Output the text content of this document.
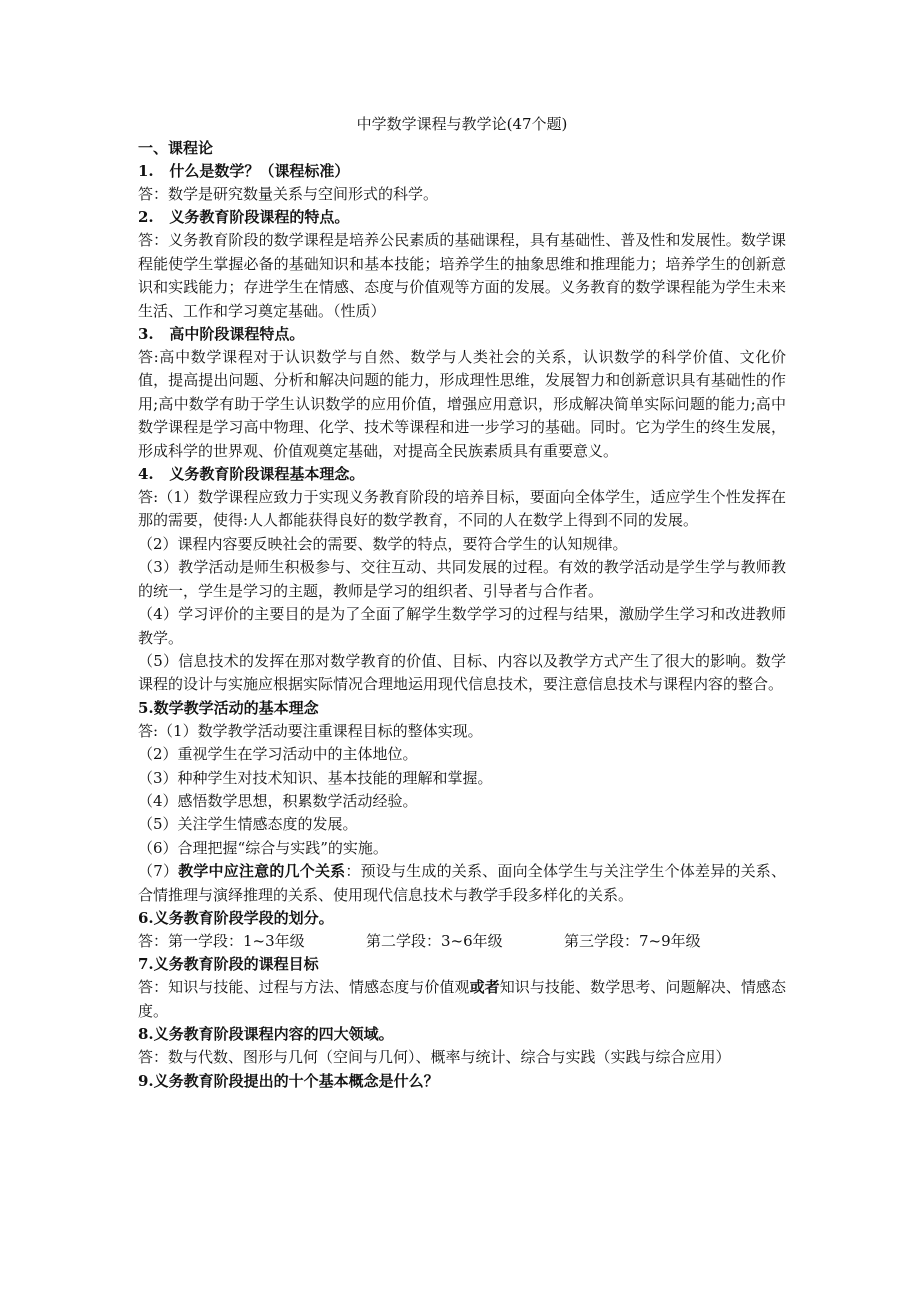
中学数学课程与教学论(47个题)
一、课程论
1.   什么是数学？（课程标准）
答：数学是研究数量关系与空间形式的科学。
2.   义务教育阶段课程的特点。
答：义务教育阶段的数学课程是培养公民素质的基础课程，具有基础性、普及性和发展性。数学课程能使学生掌握必备的基础知识和基本技能；培养学生的抽象思维和推理能力；培养学生的创新意识和实践能力；存进学生在情感、态度与价值观等方面的发展。义务教育的数学课程能为学生未来生活、工作和学习奠定基础。（性质）
3.   高中阶段课程特点。
答:高中数学课程对于认识数学与自然、数学与人类社会的关系，认识数学的科学价值、文化价值，提高提出问题、分析和解决问题的能力，形成理性思维，发展智力和创新意识具有基础性的作用;高中数学有助于学生认识数学的应用价值，增强应用意识，形成解决简单实际问题的能力;高中数学课程是学习高中物理、化学、技术等课程和进一步学习的基础。同时。它为学生的终生发展，形成科学的世界观、价值观奠定基础，对提高全民族素质具有重要意义。
4.   义务教育阶段课程基本理念。
答:（1）数学课程应致力于实现义务教育阶段的培养目标，要面向全体学生，适应学生个性发挥在那的需要，使得:人人都能获得良好的数学教育，不同的人在数学上得到不同的发展。
（2）课程内容要反映社会的需要、数学的特点，要符合学生的认知规律。
（3）教学活动是师生积极参与、交往互动、共同发展的过程。有效的教学活动是学生学与教师教的统一，学生是学习的主题，教师是学习的组织者、引导者与合作者。
（4）学习评价的主要目的是为了全面了解学生数学学习的过程与结果，激励学生学习和改进教师教学。
（5）信息技术的发挥在那对数学教育的价值、目标、内容以及教学方式产生了很大的影响。数学课程的设计与实施应根据实际情况合理地运用现代信息技术，要注意信息技术与课程内容的整合。
5.数学教学活动的基本理念
答:（1）数学教学活动要注重课程目标的整体实现。
（2）重视学生在学习活动中的主体地位。
（3）种种学生对技术知识、基本技能的理解和掌握。
（4）感悟数学思想，积累数学活动经验。
（5）关注学生情感态度的发展。
（6）合理把握“综合与实践”的实施。
（7）教学中应注意的几个关系：预设与生成的关系、面向全体学生与关注学生个体差异的关系、合情推理与演绎推理的关系、使用现代信息技术与教学手段多样化的关系。
6.义务教育阶段学段的划分。
答：第一学段：1~3年级	第二学段：3~6年级	第三学段：7~9年级
7.义务教育阶段的课程目标
答：知识与技能、过程与方法、情感态度与价值观或者知识与技能、数学思考、问题解决、情感态度。
8.义务教育阶段课程内容的四大领域。
答：数与代数、图形与几何（空间与几何）、概率与统计、综合与实践（实践与综合应用）
9.义务教育阶段提出的十个基本概念是什么？
